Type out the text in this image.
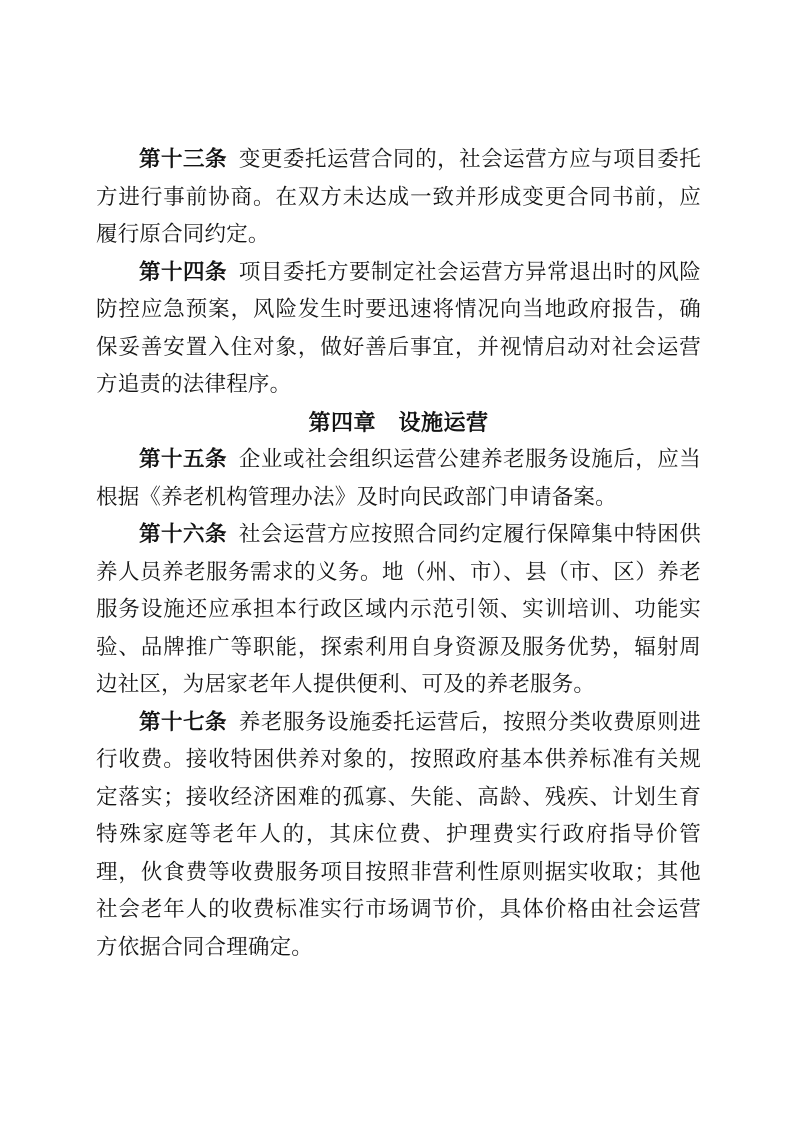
第十三条 变更委托运营合同的，社会运营方应与项目委托方进行事前协商。在双方未达成一致并形成变更合同书前，应履行原合同约定。

第十四条 项目委托方要制定社会运营方异常退出时的风险防控应急预案，风险发生时要迅速将情况向当地政府报告，确保妥善安置入住对象，做好善后事宜，并视情启动对社会运营方追责的法律程序。

第四章　设施运营

第十五条 企业或社会组织运营公建养老服务设施后，应当根据《养老机构管理办法》及时向民政部门申请备案。

第十六条 社会运营方应按照合同约定履行保障集中特困供养人员养老服务需求的义务。地（州、市）、县（市、区）养老服务设施还应承担本行政区域内示范引领、实训培训、功能实验、品牌推广等职能，探索利用自身资源及服务优势，辐射周边社区，为居家老年人提供便利、可及的养老服务。

第十七条 养老服务设施委托运营后，按照分类收费原则进行收费。接收特困供养对象的，按照政府基本供养标准有关规定落实；接收经济困难的孤寡、失能、高龄、残疾、计划生育特殊家庭等老年人的，其床位费、护理费实行政府指导价管理，伙食费等收费服务项目按照非营利性原则据实收取；其他社会老年人的收费标准实行市场调节价，具体价格由社会运营方依据合同合理确定。
